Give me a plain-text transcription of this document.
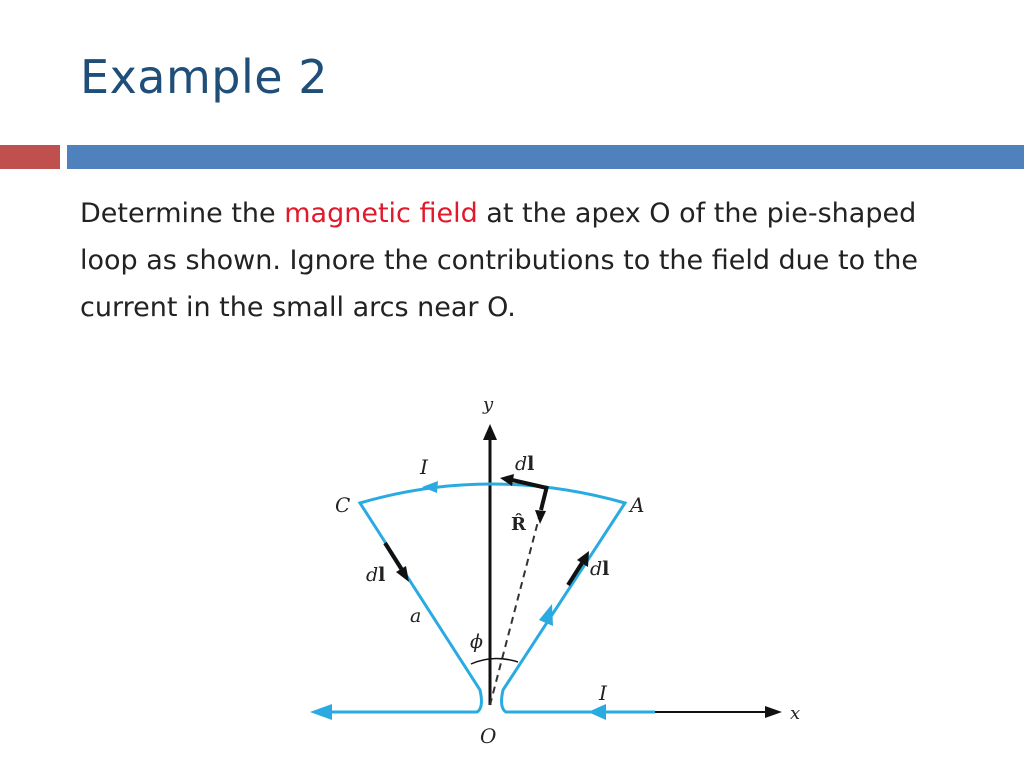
Example 2
Determine the magnetic field at the apex O of the pie-shaped loop as shown. Ignore the contributions to the field due to the current in the small arcs near O.
y
x
O
A
C
I
I
dl
dl	dl
R̂
a
ϕ
